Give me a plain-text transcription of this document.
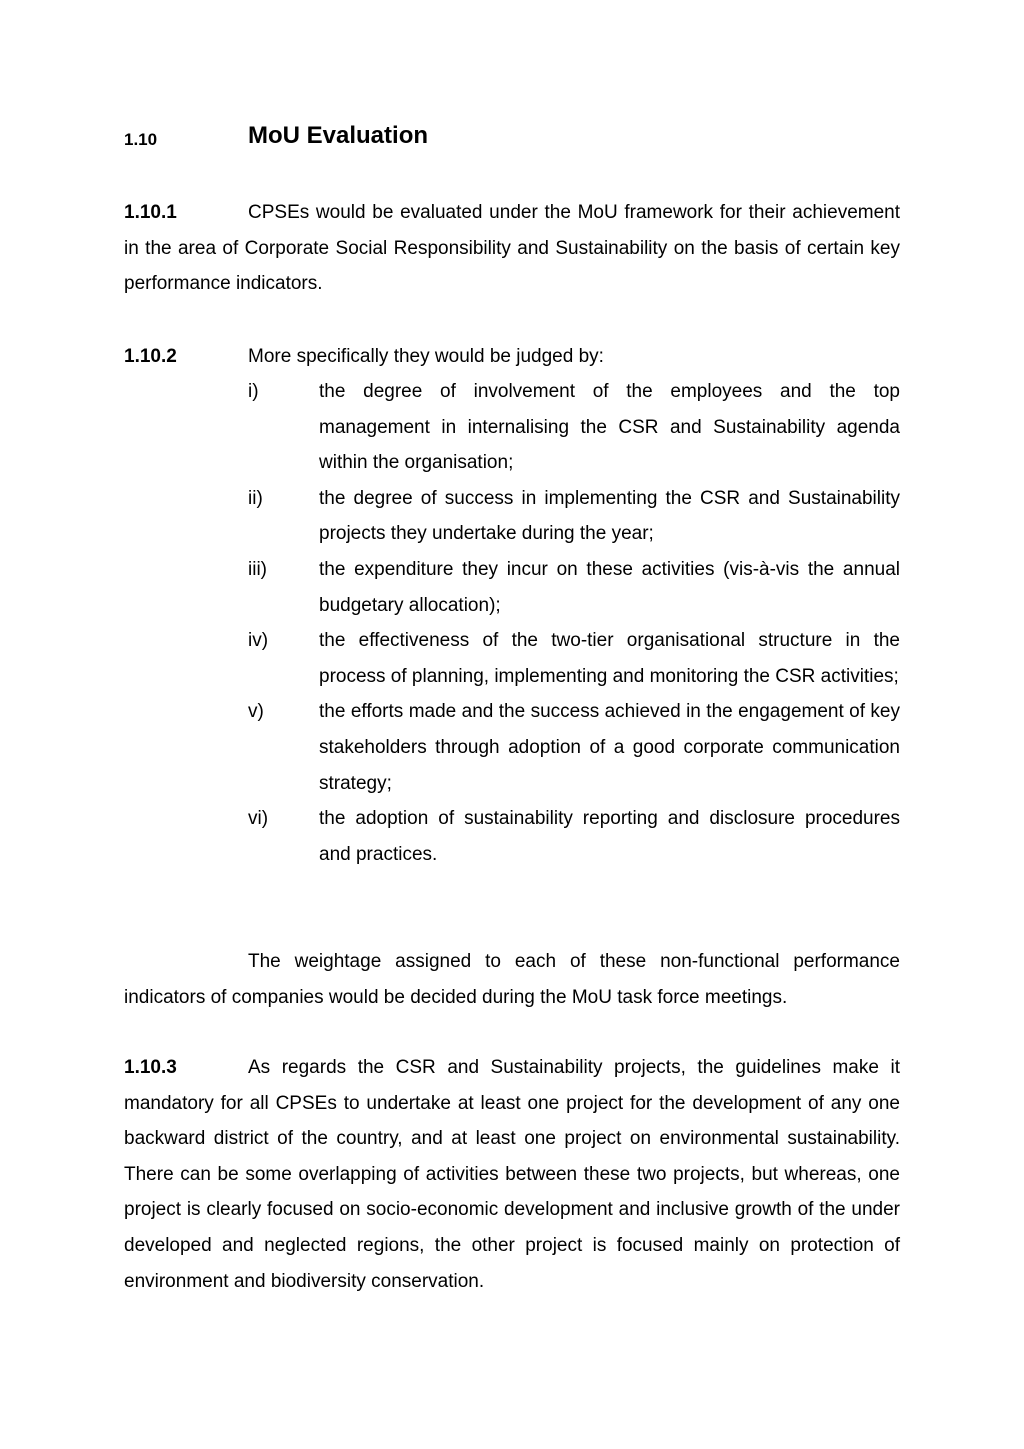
1.10	MoU Evaluation
1.10.1	CPSEs would be evaluated under the MoU framework for their achievement in the area of Corporate Social Responsibility and Sustainability on the basis of certain key performance indicators.
1.10.2	More specifically they would be judged by:
i)	the degree of involvement of the employees and the top management in internalising the CSR and Sustainability agenda within the organisation;
ii)	the degree of success in implementing the CSR and Sustainability projects they undertake during the year;
iii)	the expenditure they incur on these activities (vis-à-vis the annual budgetary allocation);
iv)	the effectiveness of the two-tier organisational structure in the process of planning, implementing and monitoring the CSR activities;
v)	the efforts made and the success achieved in the engagement of key stakeholders through adoption of a good corporate communication strategy;
vi)	the adoption of sustainability reporting and disclosure procedures and practices.
The weightage assigned to each of these non-functional performance indicators of companies would be decided during the MoU task force meetings.
1.10.3	As regards the CSR and Sustainability projects, the guidelines make it mandatory for all CPSEs to undertake at least one project for the development of any one backward district of the country, and at least one project on environmental sustainability. There can be some overlapping of activities between these two projects, but whereas, one project is clearly focused on socio-economic development and inclusive growth of the under developed and neglected regions, the other project is focused mainly on protection of environment and biodiversity conservation.
